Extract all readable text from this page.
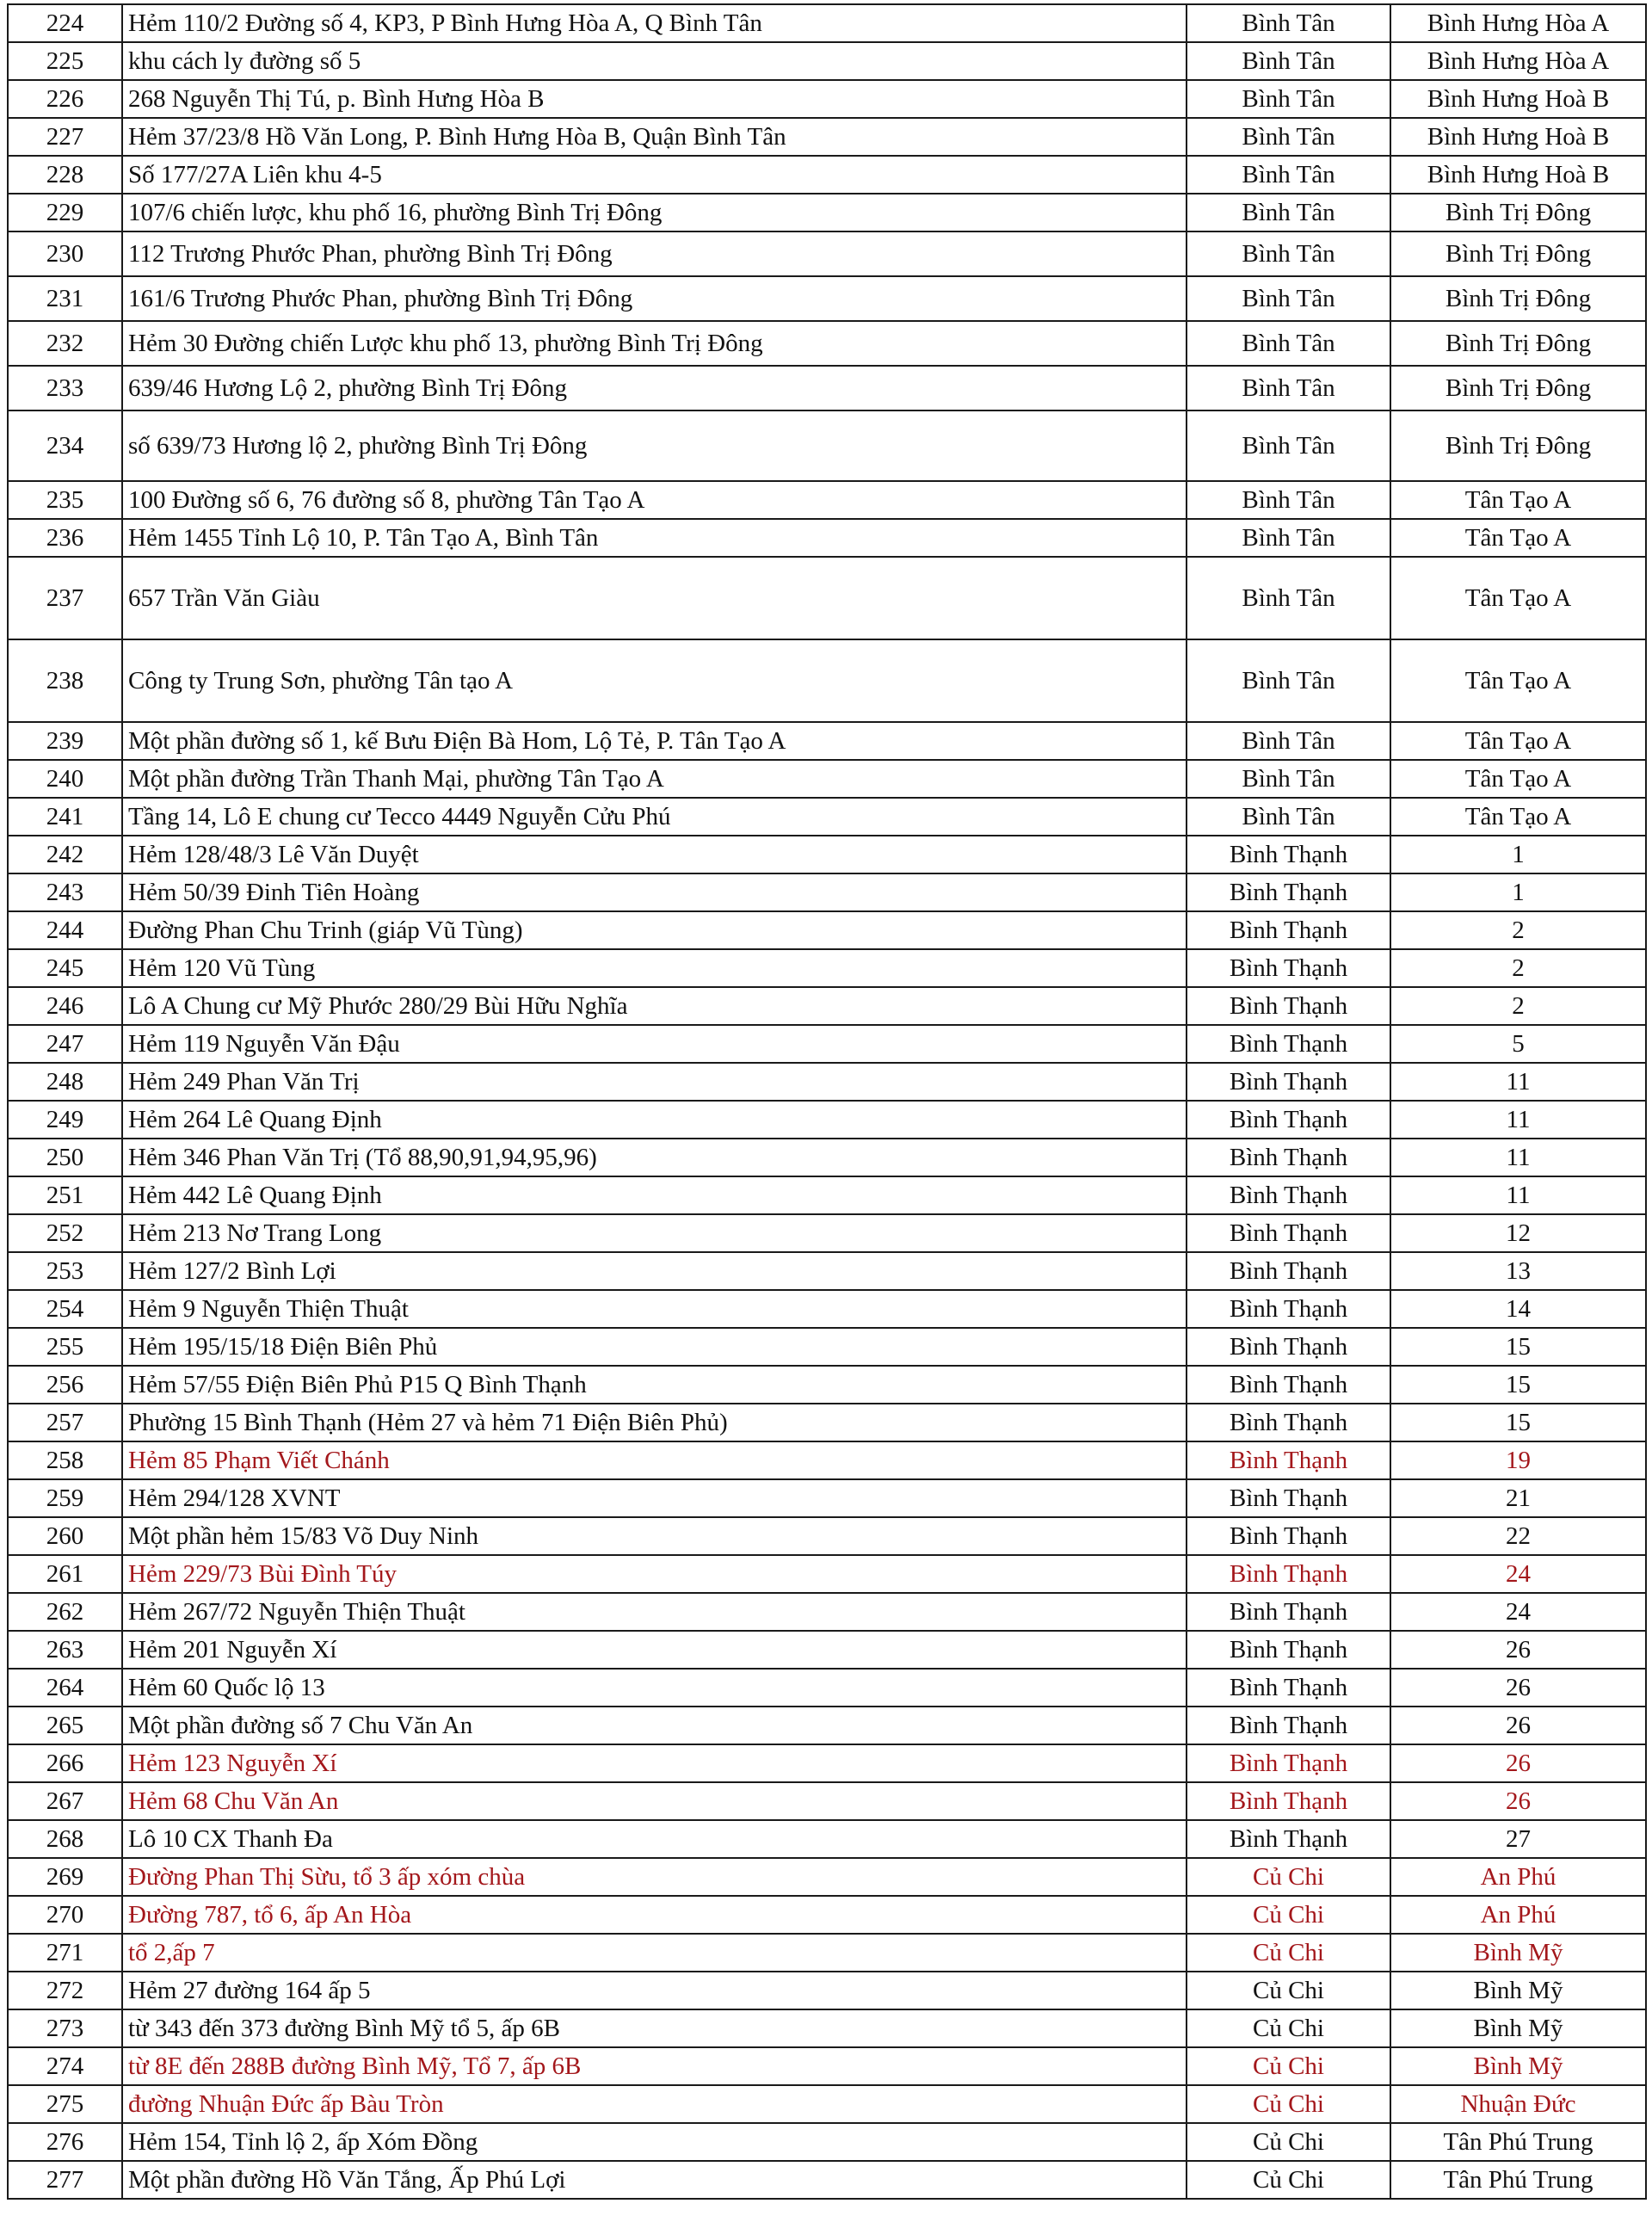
224	Hẻm 110/2 Đường số 4, KP3, P Bình Hưng Hòa A, Q Bình Tân	Bình Tân	Bình Hưng Hòa A
225	khu cách ly đường số 5	Bình Tân	Bình Hưng Hòa A
226	268 Nguyễn Thị Tú, p. Bình Hưng Hòa B	Bình Tân	Bình Hưng Hoà B
227	Hẻm 37/23/8 Hồ Văn Long, P. Bình Hưng Hòa B, Quận Bình Tân	Bình Tân	Bình Hưng Hoà B
228	Số 177/27A Liên khu 4-5	Bình Tân	Bình Hưng Hoà B
229	107/6 chiến lược, khu phố 16, phường Bình Trị Đông	Bình Tân	Bình Trị Đông
230	112 Trương Phước Phan, phường Bình Trị Đông	Bình Tân	Bình Trị Đông
231	161/6 Trương Phước Phan, phường Bình Trị Đông	Bình Tân	Bình Trị Đông
232	Hẻm 30 Đường chiến Lược khu phố 13, phường Bình Trị Đông	Bình Tân	Bình Trị Đông
233	639/46 Hương Lộ 2, phường Bình Trị Đông	Bình Tân	Bình Trị Đông
234	số 639/73 Hương lộ 2, phường Bình Trị Đông	Bình Tân	Bình Trị Đông
235	100 Đường số 6, 76 đường số 8, phường Tân Tạo A	Bình Tân	Tân Tạo A
236	Hẻm 1455 Tỉnh Lộ 10, P. Tân Tạo A, Bình Tân	Bình Tân	Tân Tạo A
237	657 Trần Văn Giàu	Bình Tân	Tân Tạo A
238	Công ty Trung Sơn, phường Tân tạo A	Bình Tân	Tân Tạo A
239	Một phần đường số 1, kế Bưu Điện Bà Hom, Lộ Tẻ, P. Tân Tạo A	Bình Tân	Tân Tạo A
240	Một phần đường Trần Thanh Mại, phường Tân Tạo A	Bình Tân	Tân Tạo A
241	Tầng 14, Lô E chung cư Tecco 4449 Nguyễn Cửu Phú	Bình Tân	Tân Tạo A
242	Hẻm 128/48/3 Lê Văn Duyệt	Bình Thạnh	1
243	Hẻm 50/39 Đinh Tiên Hoàng	Bình Thạnh	1
244	Đường Phan Chu Trinh (giáp Vũ Tùng)	Bình Thạnh	2
245	Hẻm 120 Vũ Tùng	Bình Thạnh	2
246	Lô A Chung cư Mỹ Phước 280/29 Bùi Hữu Nghĩa	Bình Thạnh	2
247	Hẻm 119 Nguyễn Văn Đậu	Bình Thạnh	5
248	Hẻm 249 Phan Văn Trị	Bình Thạnh	11
249	Hẻm 264 Lê Quang Định	Bình Thạnh	11
250	Hẻm 346 Phan Văn Trị (Tổ 88,90,91,94,95,96)	Bình Thạnh	11
251	Hẻm 442 Lê Quang Định	Bình Thạnh	11
252	Hẻm 213 Nơ Trang Long	Bình Thạnh	12
253	Hẻm 127/2 Bình Lợi	Bình Thạnh	13
254	Hẻm 9 Nguyễn Thiện Thuật	Bình Thạnh	14
255	Hẻm 195/15/18 Điện Biên Phủ	Bình Thạnh	15
256	Hẻm 57/55 Điện Biên Phủ P15 Q Bình Thạnh	Bình Thạnh	15
257	Phường 15 Bình Thạnh (Hẻm 27 và hẻm 71 Điện Biên Phủ)	Bình Thạnh	15
258	Hẻm 85 Phạm Viết Chánh	Bình Thạnh	19
259	Hẻm 294/128 XVNT	Bình Thạnh	21
260	Một phần hẻm 15/83 Võ Duy Ninh	Bình Thạnh	22
261	Hẻm 229/73 Bùi Đình Túy	Bình Thạnh	24
262	Hẻm 267/72 Nguyễn Thiện Thuật	Bình Thạnh	24
263	Hẻm 201 Nguyễn Xí	Bình Thạnh	26
264	Hẻm 60 Quốc lộ 13	Bình Thạnh	26
265	Một phần đường số 7 Chu Văn An	Bình Thạnh	26
266	Hẻm 123 Nguyễn Xí	Bình Thạnh	26
267	Hẻm 68 Chu Văn An	Bình Thạnh	26
268	Lô 10 CX Thanh Đa	Bình Thạnh	27
269	Đường Phan Thị Sừu, tổ 3 ấp xóm chùa	Củ Chi	An Phú
270	Đường 787, tổ 6, ấp An Hòa	Củ Chi	An Phú
271	tổ 2,ấp 7	Củ Chi	Bình Mỹ
272	Hẻm 27 đường 164 ấp 5	Củ Chi	Bình Mỹ
273	từ 343 đến 373 đường Bình Mỹ tổ 5, ấp 6B	Củ Chi	Bình Mỹ
274	từ 8E đến 288B đường Bình Mỹ, Tổ 7, ấp 6B	Củ Chi	Bình Mỹ
275	đường Nhuận Đức ấp Bàu Tròn	Củ Chi	Nhuận Đức
276	Hẻm 154, Tỉnh lộ 2, ấp Xóm Đồng	Củ Chi	Tân Phú Trung
277	Một phần đường Hồ Văn Tắng, Ấp Phú Lợi	Củ Chi	Tân Phú Trung
